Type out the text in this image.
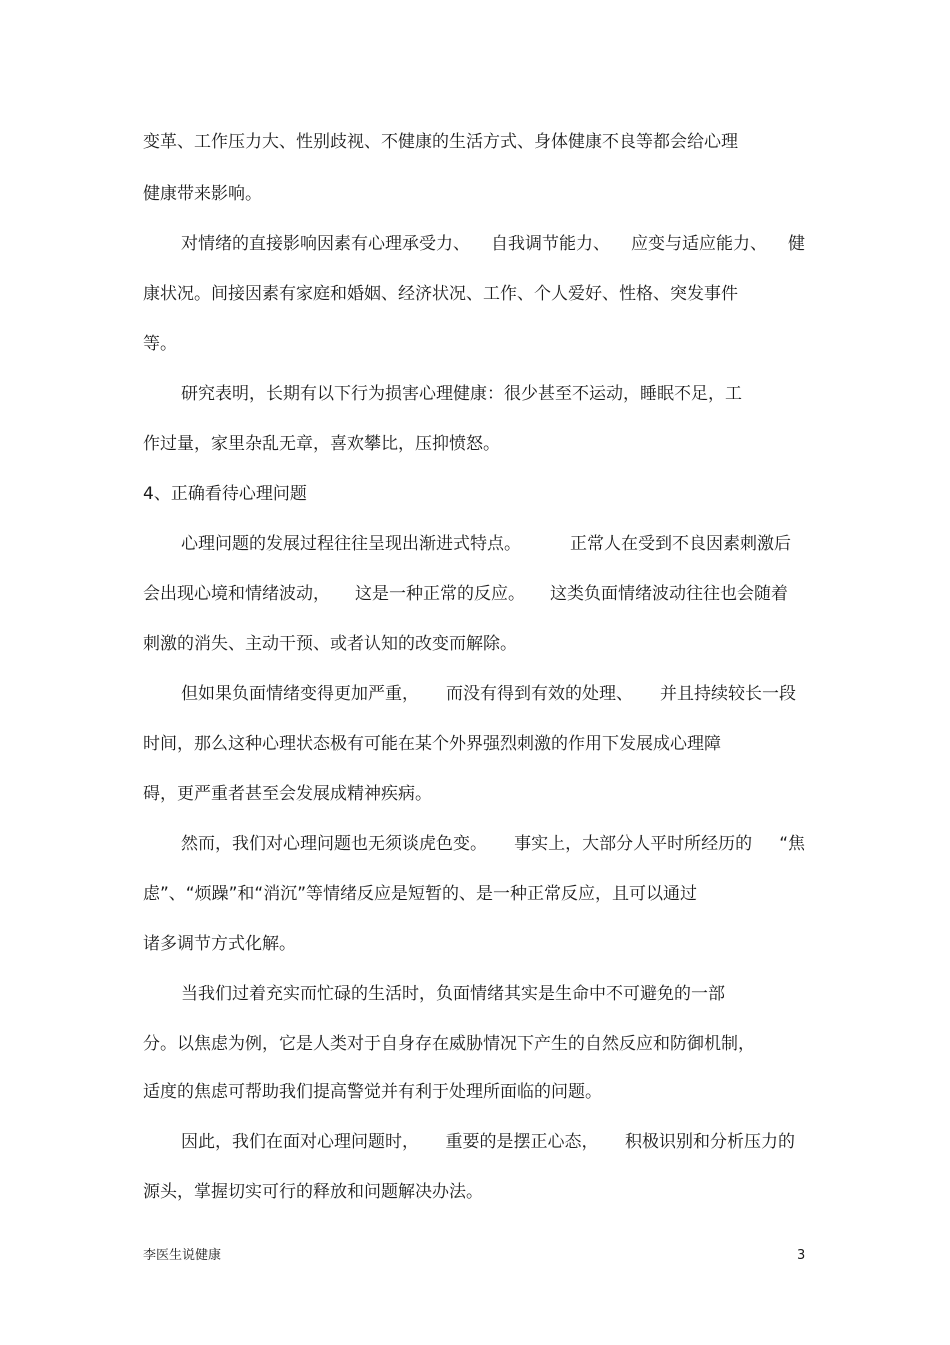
变革、工作压力大、性别歧视、不健康的生活方式、身体健康不良等都会给心理
健康带来影响。
对情绪的直接影响因素有心理承受力、 自我调节能力、 应变与适应能力、 健
康状况。间接因素有家庭和婚姻、经济状况、工作、个人爱好、性格、突发事件
等。
研究表明，长期有以下行为损害心理健康：很少甚至不运动，睡眠不足，工
作过量，家里杂乱无章，喜欢攀比，压抑愤怒。
4、正确看待心理问题
心理问题的发展过程往往呈现出渐进式特点。	正常人在受到不良因素刺激后
会出现心境和情绪波动， 这是一种正常的反应。 这类负面情绪波动往往也会随着
刺激的消失、主动干预、或者认知的改变而解除。
但如果负面情绪变得更加严重， 而没有得到有效的处理、 并且持续较长一段
时间，那么这种心理状态极有可能在某个外界强烈刺激的作用下发展成心理障
碍，更严重者甚至会发展成精神疾病。
然而，我们对心理问题也无须谈虎色变。 事实上，大部分人平时所经历的 “焦
虑”、“烦躁”和“消沉”等情绪反应是短暂的、是一种正常反应，且可以通过
诸多调节方式化解。
当我们过着充实而忙碌的生活时，负面情绪其实是生命中不可避免的一部
分。以焦虑为例，它是人类对于自身存在威胁情况下产生的自然反应和防御机制，
适度的焦虑可帮助我们提高警觉并有利于处理所面临的问题。
因此，我们在面对心理问题时， 重要的是摆正心态， 积极识别和分析压力的
源头，掌握切实可行的释放和问题解决办法。
李医生说健康	3
